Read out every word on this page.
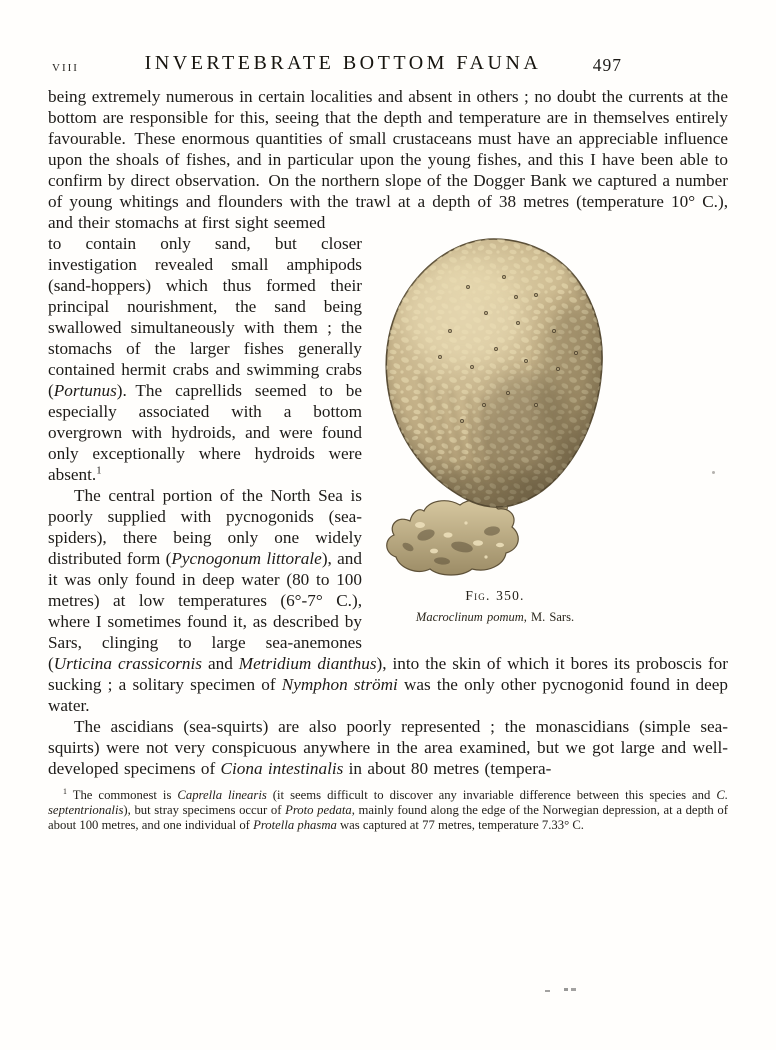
VIII	INVERTEBRATE BOTTOM FAUNA	497

being extremely numerous in certain localities and absent in others ; no doubt the currents at the bottom are responsible for this, seeing that the depth and temperature are in themselves entirely favourable. These enormous quantities of small crustaceans must have an appreciable influence upon the shoals of fishes, and in particular upon the young fishes, and this I have been able to confirm by direct observation. On the northern slope of the Dogger Bank we captured a number of young whitings and flounders with the trawl at a depth of 38 metres (temperature 10° C.), and their stomachs at first sight seemed

Fig. 350.
Macroclinum pomum, M. Sars.

to contain only sand, but closer investigation revealed small amphipods (sand-hoppers) which thus formed their principal nourishment, the sand being swallowed simultaneously with them ; the stomachs of the larger fishes generally contained hermit crabs and swimming crabs (Portunus). The caprellids seemed to be especially associated with a bottom overgrown with hydroids, and were found only exceptionally where hydroids were absent.$^1$

The central portion of the North Sea is poorly supplied with pycnogonids (sea-spiders), there being only one widely distributed form (Pycnogonum littorale), and it was only found in deep water (80 to 100 metres) at low temperatures (6°-7° C.), where I sometimes found it, as described by Sars, clinging to large sea-anemones (Urticina crassicornis and Metridium dianthus), into the skin of which it bores its proboscis for sucking ; a solitary specimen of Nymphon strömi was the only other pycnogonid found in deep water.

The ascidians (sea-squirts) are also poorly represented ; the monascidians (simple sea-squirts) were not very conspicuous anywhere in the area examined, but we got large and well-developed specimens of Ciona intestinalis in about 80 metres (tempera-

$^1$ The commonest is Caprella linearis (it seems difficult to discover any invariable difference between this species and C. septentrionalis), but stray specimens occur of Proto pedata, mainly found along the edge of the Norwegian depression, at a depth of about 100 metres, and one individual of Protella phasma was captured at 77 metres, temperature 7.33° C.
